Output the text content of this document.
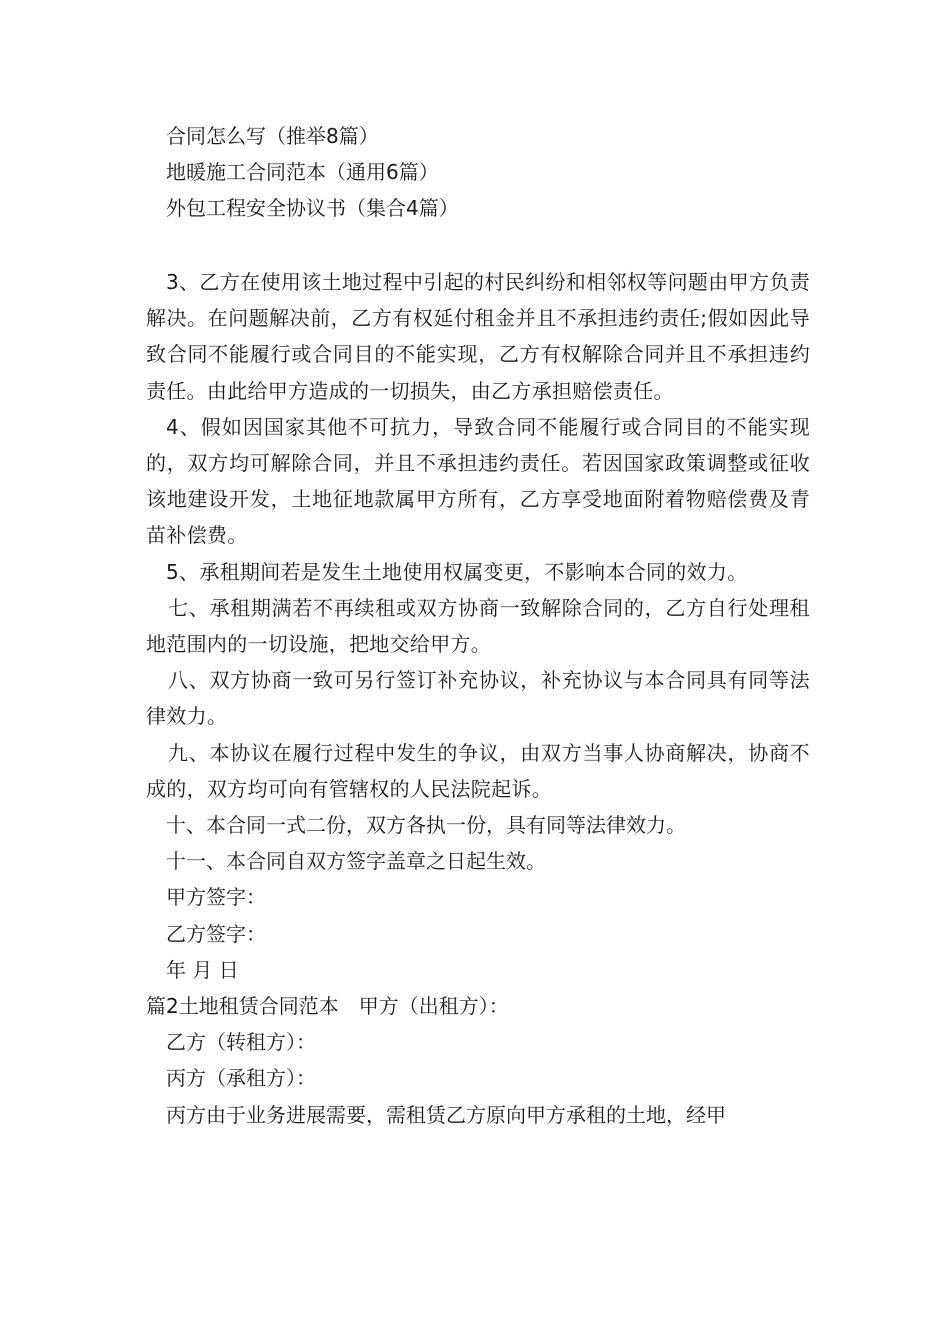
合同怎么写（推举8篇）
地暖施工合同范本（通用6篇）
外包工程安全协议书（集合4篇）
3、乙方在使用该土地过程中引起的村民纠纷和相邻权等问题由甲方负责解决。在问题解决前，乙方有权延付租金并且不承担违约责任;假如因此导致合同不能履行或合同目的不能实现，乙方有权解除合同并且不承担违约责任。由此给甲方造成的一切损失，由乙方承担赔偿责任。
4、假如因国家其他不可抗力，导致合同不能履行或合同目的不能实现的，双方均可解除合同，并且不承担违约责任。若因国家政策调整或征收该地建设开发，土地征地款属甲方所有，乙方享受地面附着物赔偿费及青苗补偿费。
5、承租期间若是发生土地使用权属变更，不影响本合同的效力。
七、承租期满若不再续租或双方协商一致解除合同的，乙方自行处理租地范围内的一切设施，把地交给甲方。
八、双方协商一致可另行签订补充协议，补充协议与本合同具有同等法律效力。
九、本协议在履行过程中发生的争议，由双方当事人协商解决，协商不成的，双方均可向有管辖权的人民法院起诉。
十、本合同一式二份，双方各执一份，具有同等法律效力。
十一、本合同自双方签字盖章之日起生效。
甲方签字：
乙方签字：
年 月 日
篇2土地租赁合同范本　甲方（出租方）：
乙方（转租方）：
丙方（承租方）：
丙方由于业务进展需要，需租赁乙方原向甲方承租的土地，经甲
